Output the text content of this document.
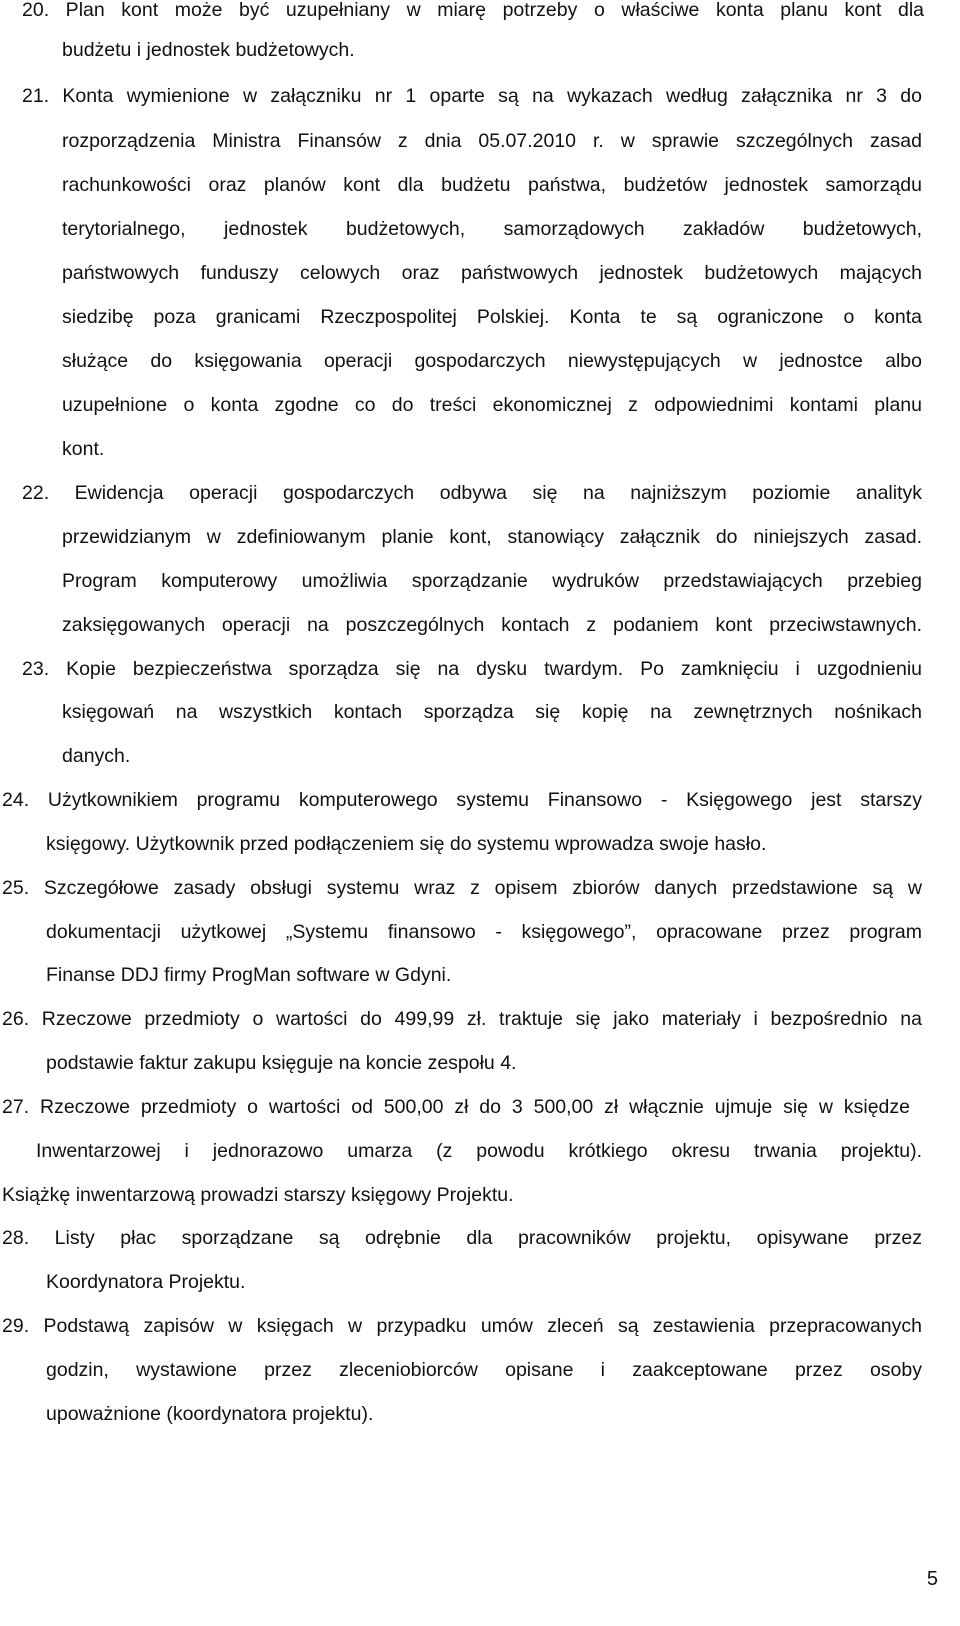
20. Plan kont może być uzupełniany w miarę potrzeby o właściwe konta planu kont dla
budżetu i jednostek budżetowych.
21. Konta wymienione w załączniku nr 1 oparte są na wykazach według załącznika nr 3 do
rozporządzenia Ministra Finansów z dnia 05.07.2010 r. w sprawie szczególnych zasad
rachunkowości oraz planów kont dla budżetu państwa, budżetów jednostek samorządu
terytorialnego, jednostek budżetowych, samorządowych zakładów budżetowych,
państwowych funduszy celowych oraz państwowych jednostek budżetowych mających
siedzibę poza granicami Rzeczpospolitej Polskiej. Konta te są ograniczone o konta
służące do księgowania operacji gospodarczych niewystępujących w jednostce albo
uzupełnione o konta zgodne co do treści ekonomicznej z odpowiednimi kontami planu
kont.
22. Ewidencja operacji gospodarczych odbywa się na najniższym poziomie analityk
przewidzianym w zdefiniowanym planie kont, stanowiący załącznik do niniejszych zasad.
Program komputerowy umożliwia sporządzanie wydruków przedstawiających przebieg
zaksięgowanych operacji na poszczególnych kontach z podaniem kont przeciwstawnych.
23. Kopie bezpieczeństwa sporządza się na dysku twardym. Po zamknięciu i uzgodnieniu
księgowań na wszystkich kontach sporządza się kopię na zewnętrznych nośnikach
danych.
24. Użytkownikiem programu komputerowego systemu Finansowo - Księgowego jest starszy
księgowy. Użytkownik przed podłączeniem się do systemu wprowadza swoje hasło.
25. Szczegółowe zasady obsługi systemu wraz z opisem zbiorów danych przedstawione są w
dokumentacji użytkowej „Systemu finansowo - księgowego”, opracowane przez program
Finanse DDJ firmy ProgMan software w Gdyni.
26. Rzeczowe przedmioty o wartości do 499,99 zł. traktuje się jako materiały i bezpośrednio na
podstawie faktur zakupu księguje na koncie zespołu 4.
27. Rzeczowe przedmioty o wartości od 500,00 zł do 3 500,00 zł włącznie ujmuje się w księdze
Inwentarzowej i jednorazowo umarza (z powodu krótkiego okresu trwania projektu).
Książkę inwentarzową prowadzi starszy księgowy Projektu.
28. Listy płac sporządzane są odrębnie dla pracowników projektu, opisywane przez
Koordynatora Projektu.
29. Podstawą zapisów w księgach w przypadku umów zleceń są zestawienia przepracowanych
godzin, wystawione przez zleceniobiorców opisane i zaakceptowane przez osoby
upoważnione (koordynatora projektu).
5
